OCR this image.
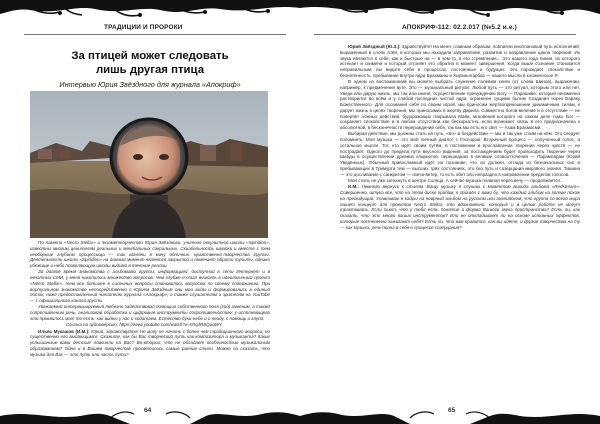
ТРАДИЦИИ И ПРОРОКИ
За птицей может следовать
лишь другая птица
Интервью Юрия Звёздного для журнала «Апокриф»

По памяти «Necro Stellar» и экзометеорчество Юрия Звёздного, учителя оккультной школы «Spiridion», известны многим ценителям реальных и ментальных сакральных. Скиабельность шмайки и вместе с тем необорные глубины процессища — так взгляни в мачу обличник. нравственно-творчества группы. Деятельность школы «Spiridion» на данный момент является закрытой и помечает обрати тульты, однако убежище и небо позволяющую школы видимо в течение реалии.

За долгое время знакомства с альбомами группы, информацией, доступной в сети Интернет и в печатных СМИ, у меня накопилось множество вопросов. Чем глубже я стал вникать в идеологичный проект «Necro Stellar», тем все большее в силенных вопросы становилось вопросом по своему содержанию. При виртуальном знакомстве непосредственно с Юрием Звёздным они мои виды и формировались в единый поток, ниже предоставленный читателю журнала «Апокриф», а также слушателям и зрителям на YouTube — с официального канала группы.

Уважаемый интервьюируемый любезно задействовал помощью собственного поля (год) заменим, а также сопротивлению речь, анализовав обработка и цифровые инструменты сопротивленостью; у исполняющего это проявилось мат то есть: как видны у нас о ходатаем. Естество буки-небе и о неоду, с помощь и глупо.

Ссылка на аудиоверсию: https://www.youtube.com/watch?v=sRqJRSQuqWY

Ильяс Мукашов (И.М.): Юрий, здравствуйте! Не могу не начать с более чем традиционного вопроса, но существенно его выдающимся. Скажите, как бы Вас творческий путь как композитора и музыканта? Какие услышанные вами детские повлияли на Вас? Во-вторых, что не обладает особенностью музыкальным образованием? Одно и в Вашем творчестве просветились самые ранние стили. Можно ли сказать, что музыка для Вас — это путь или часть пути?

64
АПОКРИФ-112: 02.2.017 (№5.2 и.е.)

Юрий Звёздный (Ю.З.): Здравствуйте! На меня, главным образом, повлияли иноплановый путь исполнений, выраженный в слоях АЭМ, в которых мы находили заправление, развитие и направление цикла творения. Их звука являются в себя, как и быстрые на — в чем-то, в его стремления... Это нашего года линия, их которого истекает и скимени и который отгоняет его обратно в момент завершения. Когда выше сознание становится неправильным, вы видите себя в процессах, постоянные и будущих. Это порождает спокойствие и безнятенность, пребывание внутри ядра Брахманы и Хираньягарбха — нашего мысли в космическое Я.

В одном из воспоминаний вы можете выбрать служение полевим книги (от слова Шинов), выражении, например, к предмечения вуте. Это — музыкальный ритуал. Любой путь — это ритуал, которым этого или нет. Уведи или дарую жизнь, мы так или иначе, осуществление принуждению Богу — Парашиве, который неизменно растворился во всём и у слабой последних чистой ядра, ограничен сущими бытию Создания через Бараку Божественного. Для осознания себя по своим игрой, мы приносим жертвоприношение динамичным силам, к дарует жизнь в целях творения, мы приносимих в жертву Дарила. Совместно богов величие и в отсутствие — не поверяет ложных действий, будоражащих покрывала Майи, мгновения которого на самом деле тьма. Бог — сохраняет спокойствие и в любом отсутствии как бескорыстно, если возникает связь в его предназначена к абсолютной, в бесконечности перерождений себя, так как мы есть его свет — Ахам Брахмасми.

Выбирая действие, мы должны стать на путь, «Бо» в бездействии — мы и так уже стоим на нём. Это следует попомнить. Моя музыка — это мой личный диалог с Господом. Вторичный процесс — полученный голос, а остальное мысли. Тот, кто идёт своим путём, в постижении и прославлении творения через чувств — не пострадает. Одного до предела пути вкусного видения, за послаждением будет происходить творение через Шабды в осуществлении древних кларнетов, перешедших в великие словоотточения — Парампарам (Юрий Уведённых). Обычный православный идёт на познание, что он должен, отсюда из безначальных сил и пребывающих в Тримурти тем — высших трёх состояниях, это без путь и созерцания мирового знания. Тишина — это досливание с санкритом — свеча-ветер, то есть обет эль-непраздно в направлении пределов голосов.

Мой стиль не уже затихнуть в центре Солнца. А сейчас музыка плавная через вечу — продолжается...

И.М.: Немного вернусь к стилям. Вашу музыку я слушаю с моментом выхода альбома «Redstream». Совершенно, штука все, что на этом диске грабом, я прошёл с вами бу, что каждый альбом на голове похож на предыдущий. Улавливаю я кадры на неврный альбом на русском или английском, что группа со всего мира пишет концерт для проектов Necro Stellar, это вдохновенно, которые и в целом работе не могут трактовать. Если пьют, что у тебя есть понятие и форма Вашего звука пространства? Есть ли, как сказать, что это много ваших инструментов? Или не откладывает ли на основе истинных эффектов, которые постепенно зажигают себя? Есть ли, что вам нравится, как вы идёте, и другие творчества на ту — как музыка, речь полна в себя в процессе созерцания?

65
